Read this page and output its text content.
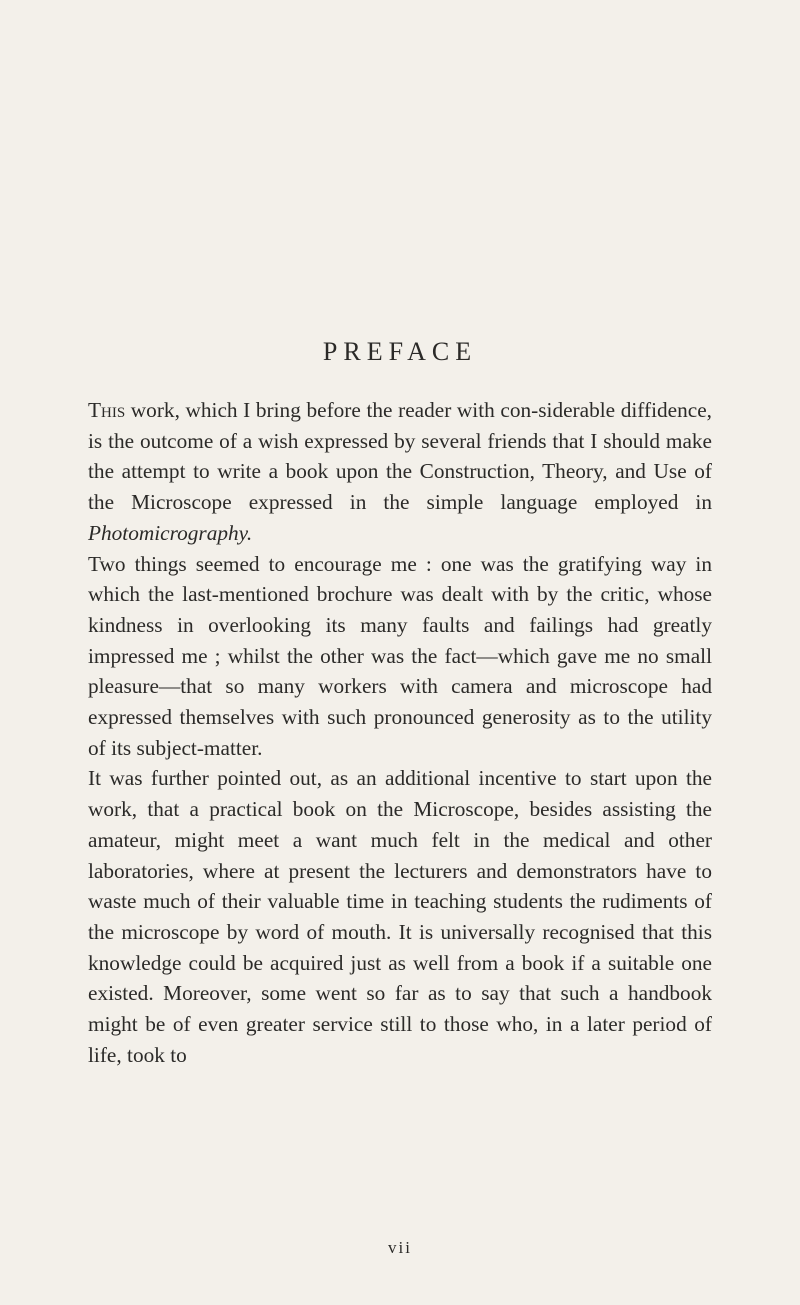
PREFACE

This work, which I bring before the reader with con-siderable diffidence, is the outcome of a wish expressed by several friends that I should make the attempt to write a book upon the Construction, Theory, and Use of the Microscope expressed in the simple language employed in Photomicrography.

Two things seemed to encourage me : one was the gratifying way in which the last-mentioned brochure was dealt with by the critic, whose kindness in overlooking its many faults and failings had greatly impressed me ; whilst the other was the fact—which gave me no small pleasure—that so many workers with camera and microscope had expressed themselves with such pronounced generosity as to the utility of its subject-matter.

It was further pointed out, as an additional incentive to start upon the work, that a practical book on the Microscope, besides assisting the amateur, might meet a want much felt in the medical and other laboratories, where at present the lecturers and demonstrators have to waste much of their valuable time in teaching students the rudiments of the microscope by word of mouth. It is universally recognised that this knowledge could be acquired just as well from a book if a suitable one existed. Moreover, some went so far as to say that such a handbook might be of even greater service still to those who, in a later period of life, took to

vii
